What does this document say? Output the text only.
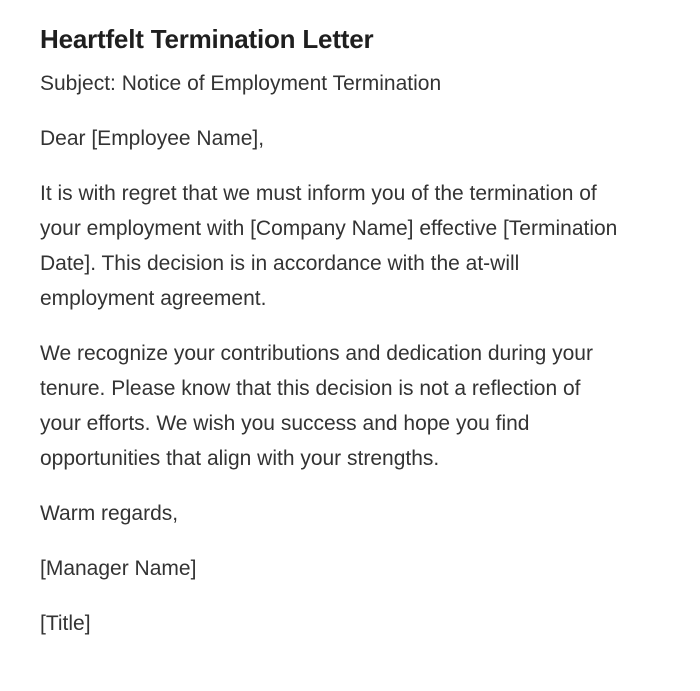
Heartfelt Termination Letter

Subject: Notice of Employment Termination

Dear [Employee Name],

It is with regret that we must inform you of the termination of your employment with [Company Name] effective [Termination Date]. This decision is in accordance with the at-will employment agreement.

We recognize your contributions and dedication during your tenure. Please know that this decision is not a reflection of your efforts. We wish you success and hope you find opportunities that align with your strengths.

Warm regards,

[Manager Name]

[Title]
